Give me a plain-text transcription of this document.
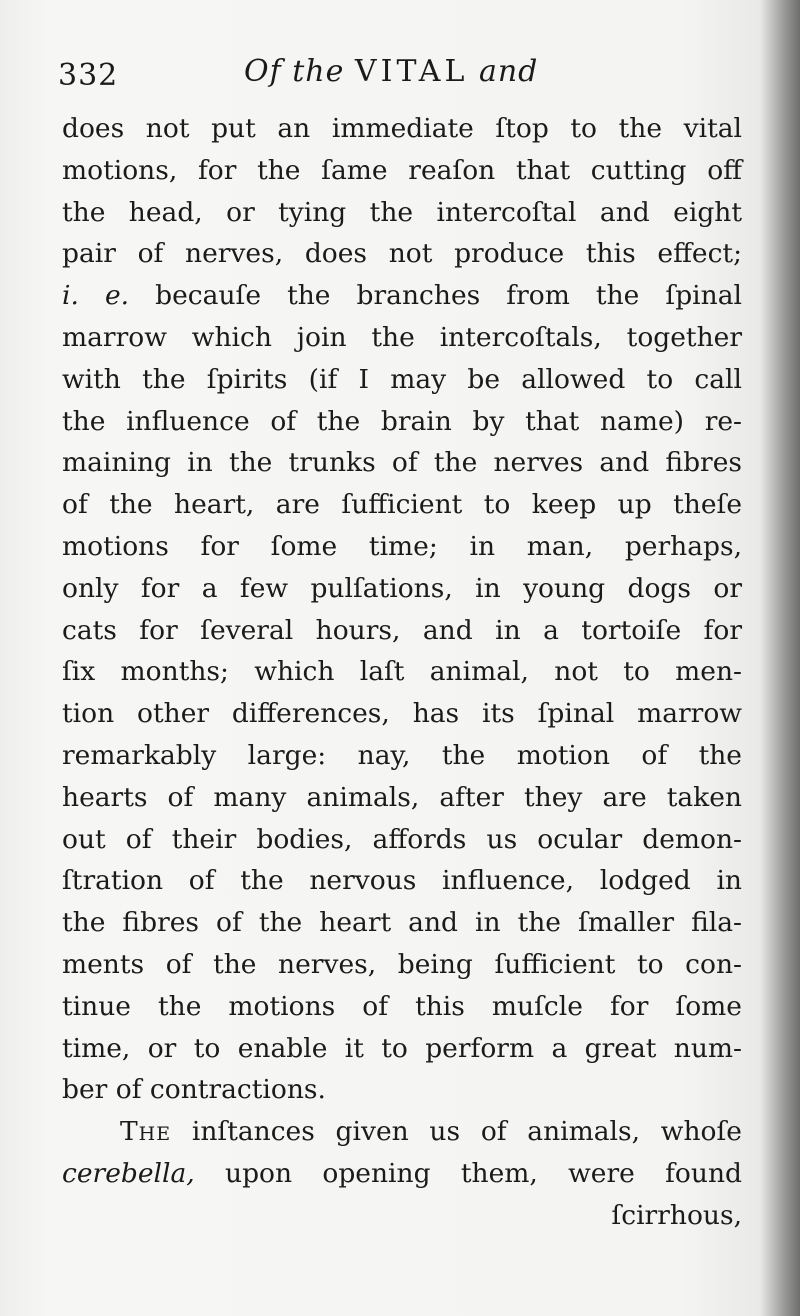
332	Of the VITAL and
does not put an immediate ſtop to the vital
motions, for the ſame reaſon that cutting off
the head, or tying the intercoſtal and eight
pair of nerves, does not produce this effect;
i. e. becauſe the branches from the ſpinal
marrow which join the intercoſtals, together
with the ſpirits (if I may be allowed to call
the influence of the brain by that name) re-
maining in the trunks of the nerves and fibres
of the heart, are ſufficient to keep up theſe
motions for ſome time; in man, perhaps,
only for a few pulſations, in young dogs or
cats for ſeveral hours, and in a tortoiſe for
ſix months; which laſt animal, not to men-
tion other differences, has its ſpinal marrow
remarkably large: nay, the motion of the
hearts of many animals, after they are taken
out of their bodies, affords us ocular demon-
ſtration of the nervous influence, lodged in
the fibres of the heart and in the ſmaller fila-
ments of the nerves, being ſufficient to con-
tinue the motions of this muſcle for ſome
time, or to enable it to perform a great num-
ber of contractions.
The inſtances given us of animals, whoſe
cerebella, upon opening them, were found
ſcirrhous,
